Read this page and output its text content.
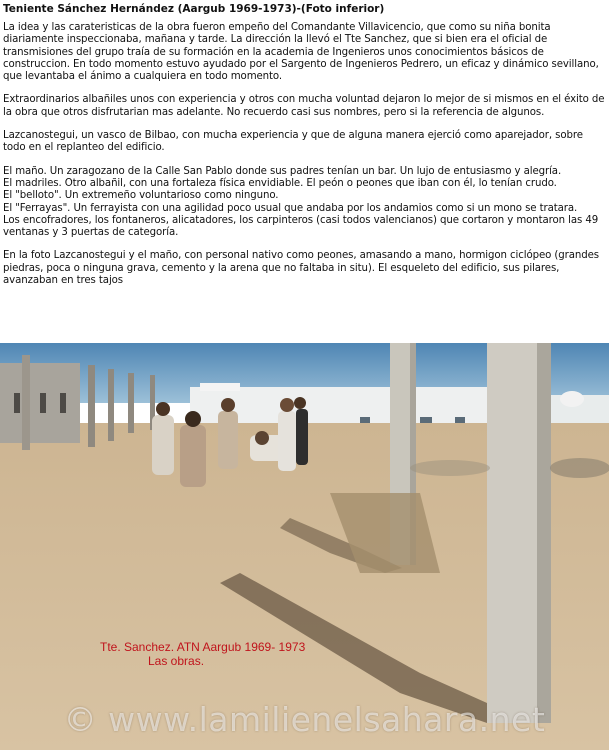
Teniente Sánchez Hernández (Aargub 1969-1973)-(Foto inferior)

La idea y las carateristicas de la obra fueron empeño del Comandante Villavicencio, que como su niña bonita diariamente inspeccionaba, mañana y tarde. La dirección la llevó el Tte Sanchez, que si bien era el oficial de transmisiones del grupo traía de su formación en la academia de Ingenieros unos conocimientos básicos de construccion. En todo momento estuvo ayudado por el Sargento de Ingenieros Pedrero, un eficaz y dinámico sevillano, que levantaba el ánimo a cualquiera en todo momento.

Extraordinarios albañiles unos con experiencia y otros con mucha voluntad dejaron lo mejor de si mismos en el éxito de la obra que otros disfrutarian mas adelante. No recuerdo casi sus nombres, pero si la referencia de algunos.

Lazcanostegui, un vasco de Bilbao, con mucha experiencia y que de alguna manera ejerció como aparejador, sobre todo en el replanteo del edificio.

El maño. Un zaragozano de la Calle San Pablo donde sus padres tenían un bar. Un lujo de entusiasmo y alegría.
El madriles. Otro albañil, con una fortaleza física envidiable. El peón o peones que iban con él, lo tenían crudo.
El "belloto". Un extremeño voluntarioso como ninguno.
El "Ferrayas". Un ferrayista con una agilidad poco usual que andaba por los andamios como si un mono se tratara.
Los encofradores, los fontaneros, alicatadores, los carpinteros (casi todos valencianos) que cortaron y montaron las 49 ventanas y 3 puertas de categoría.

En la foto Lazcanostegui y el maño, con personal nativo como peones, amasando a mano, hormigon ciclópeo (grandes piedras, poca o ninguna grava, cemento y la arena que no faltaba in situ). El esqueleto del edificio, sus pilares, avanzaban en tres tajos

Tte. Sanchez. ATN Aargub 1969- 1973
Las obras.
© www.lamilienelsahara.net
